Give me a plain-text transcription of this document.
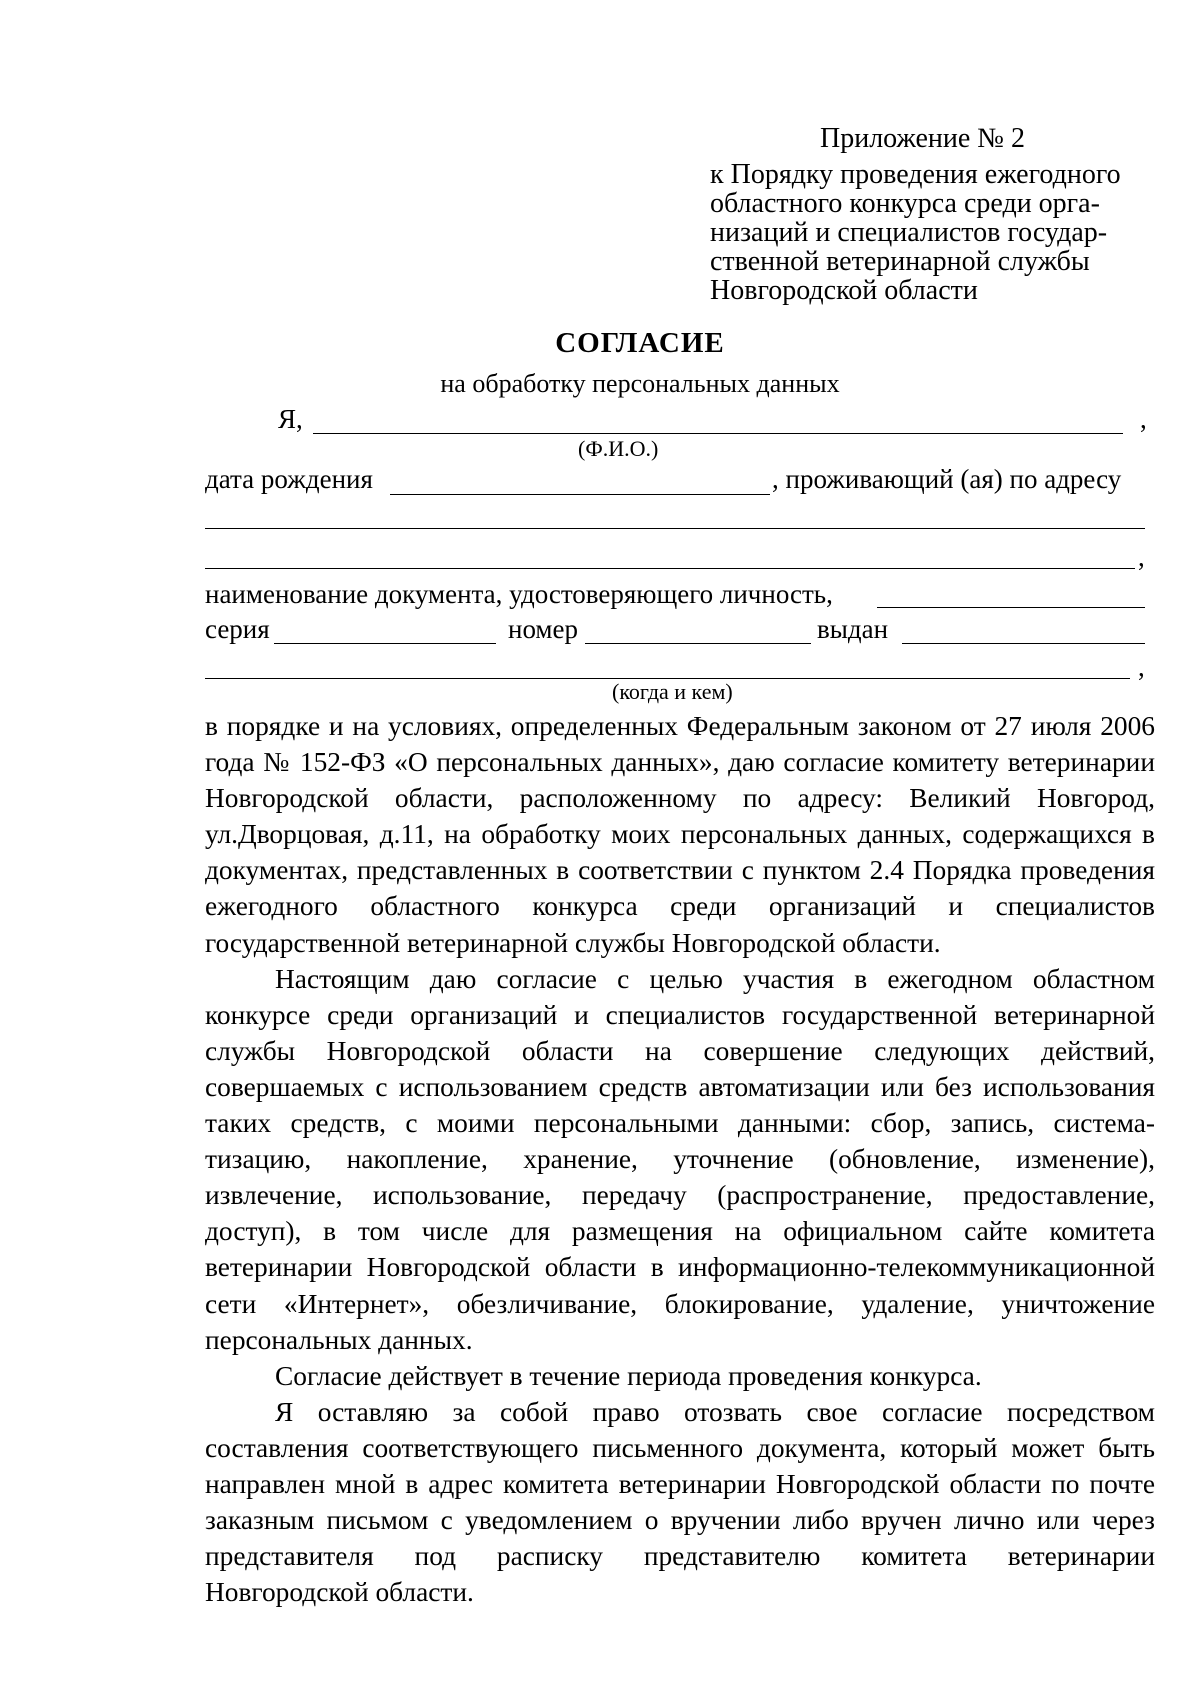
Приложение № 2
к Порядку проведения ежегодного
областного конкурса среди орга-
низаций и специалистов государ-
ственной ветеринарной службы
Новгородской области
СОГЛАСИЕ
на обработку персональных данных
Я,	,
(Ф.И.О.)
дата рождения	, проживающий (ая) по адресу
,
наименование документа, удостоверяющего личность,
серия	номер	выдан
,
(когда и кем)

в порядке и на условиях, определенных Федеральным законом от 27 июля 2006 года № 152-ФЗ «О персональных данных», даю согласие комитету ветеринарии Новгородской области, расположенному по адресу: Великий Новгород, ул.Дворцовая, д.11, на обработку моих персональных данных, содержащихся в документах, представленных в соответствии с пунктом 2.4 Порядка проведения ежегодного областного конкурса среди организаций и специалистов государственной ветеринарной службы Новгородской области.

Настоящим даю согласие с целью участия в ежегодном областном конкурсе среди организаций и специалистов государственной ветеринарной службы Новгородской области на совершение следующих действий, совершаемых с использованием средств автоматизации или без использования таких средств, с моими персональными данными: сбор, запись, система-тизацию, накопление, хранение, уточнение (обновление, изменение), извлечение, использование, передачу (распространение, предоставление, доступ), в том числе для размещения на официальном сайте комитета ветеринарии Новгородской области в информационно-телекоммуникационной сети «Интернет», обезличивание, блокирование, удаление, уничтожение персональных данных.

Согласие действует в течение периода проведения конкурса.

Я оставляю за собой право отозвать свое согласие посредством составления соответствующего письменного документа, который может быть направлен мной в адрес комитета ветеринарии Новгородской области по почте заказным письмом с уведомлением о вручении либо вручен лично или через представителя под расписку представителю комитета ветеринарии Новгородской области.
